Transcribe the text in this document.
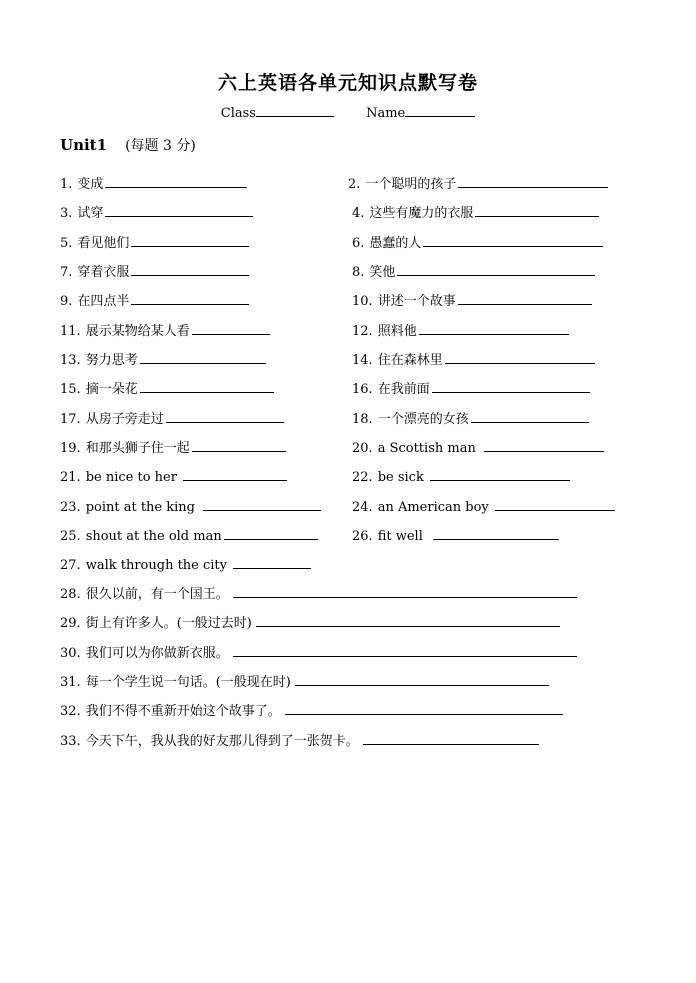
六上英语各单元知识点默写卷
Class	Name
Unit1 (每题 3 分)
1. 变成	2. 一个聪明的孩子
3. 试穿	4. 这些有魔力的衣服
5. 看见他们	6. 愚蠢的人
7. 穿着衣服	8. 笑他
9. 在四点半	10. 讲述一个故事
11. 展示某物给某人看	12. 照料他
13. 努力思考	14. 住在森林里
15. 摘一朵花	16. 在我前面
17. 从房子旁走过	18. 一个漂亮的女孩
19. 和那头狮子住一起	20. a Scottish man
21. be nice to her	22. be sick
23. point at the king	24. an American boy
25. shout at the old man	26. fit well
27. walk through the city
28. 很久以前，有一个国王。
29. 街上有许多人。(一般过去时)
30. 我们可以为你做新衣服。
31. 每一个学生说一句话。(一般现在时)
32. 我们不得不重新开始这个故事了。
33. 今天下午，我从我的好友那儿得到了一张贺卡。
